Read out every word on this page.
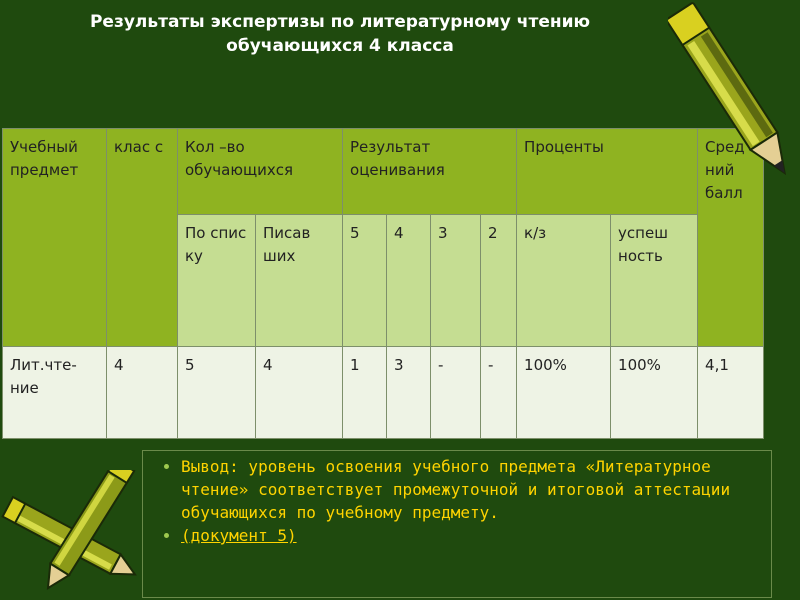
Результаты экспертизы по литературному чтению
обучающихся 4 класса
Учебный предмет	клас с	Кол –во обучающихся		Результат оценивания				Проценты		Сред ний балл
		По спис ку	Писав ших	5	4	3	2	к/з	успеш ность	
Лит.чте-ние	4	5	4	1	3	-	-	100%	100%	4,1
• Вывод: уровень освоения учебного предмета «Литературное чтение» соответствует промежуточной и итоговой аттестации обучающихся по учебному предмету.
• (документ 5)
